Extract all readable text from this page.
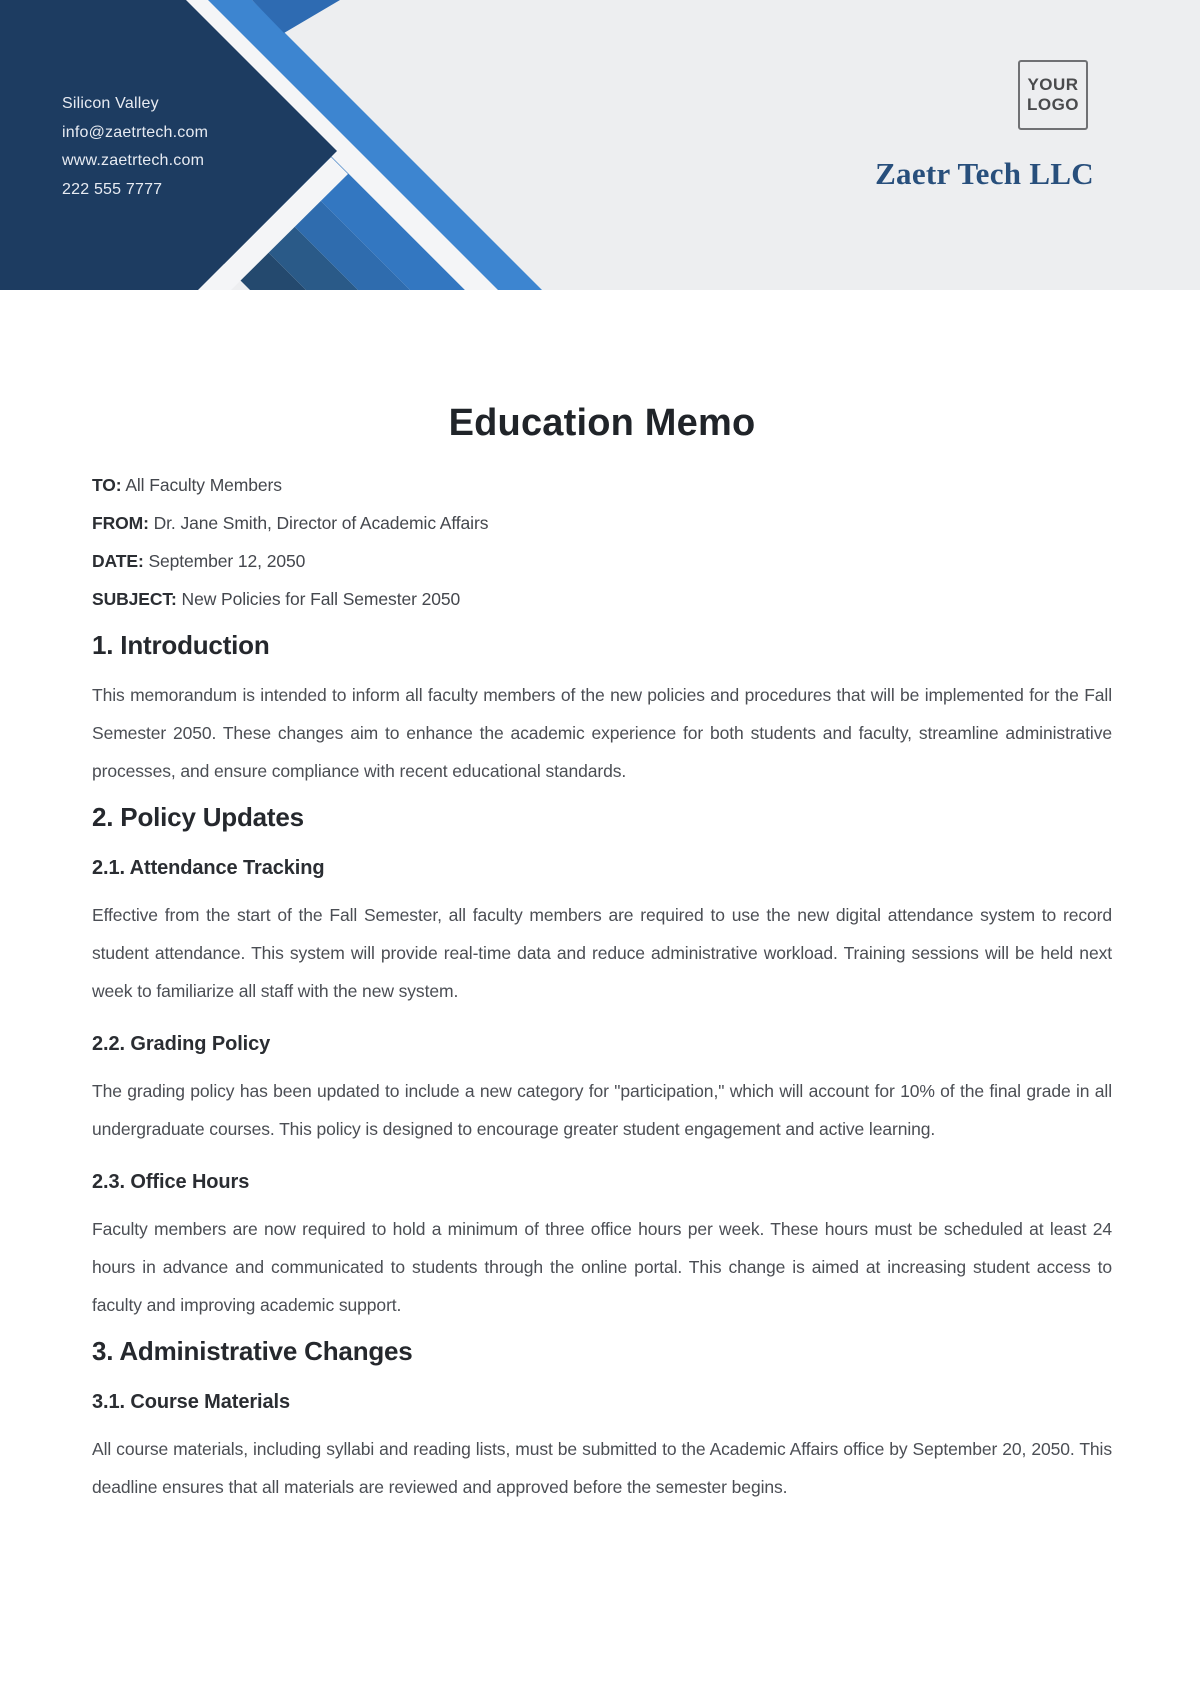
Silicon Valley
info@zaetrtech.com
www.zaetrtech.com
222 555 7777
YOUR
LOGO
Zaetr Tech LLC
Education Memo
TO: All Faculty Members
FROM: Dr. Jane Smith, Director of Academic Affairs
DATE: September 12, 2050
SUBJECT: New Policies for Fall Semester 2050
1. Introduction

This memorandum is intended to inform all faculty members of the new policies and procedures that will be implemented for the Fall Semester 2050. These changes aim to enhance the academic experience for both students and faculty, streamline administrative processes, and ensure compliance with recent educational standards.

2. Policy Updates
2.1. Attendance Tracking

Effective from the start of the Fall Semester, all faculty members are required to use the new digital attendance system to record student attendance. This system will provide real-time data and reduce administrative workload. Training sessions will be held next week to familiarize all staff with the new system.

2.2. Grading Policy

The grading policy has been updated to include a new category for "participation," which will account for 10% of the final grade in all undergraduate courses. This policy is designed to encourage greater student engagement and active learning.

2.3. Office Hours

Faculty members are now required to hold a minimum of three office hours per week. These hours must be scheduled at least 24 hours in advance and communicated to students through the online portal. This change is aimed at increasing student access to faculty and improving academic support.

3. Administrative Changes
3.1. Course Materials

All course materials, including syllabi and reading lists, must be submitted to the Academic Affairs office by September 20, 2050. This deadline ensures that all materials are reviewed and approved before the semester begins.
